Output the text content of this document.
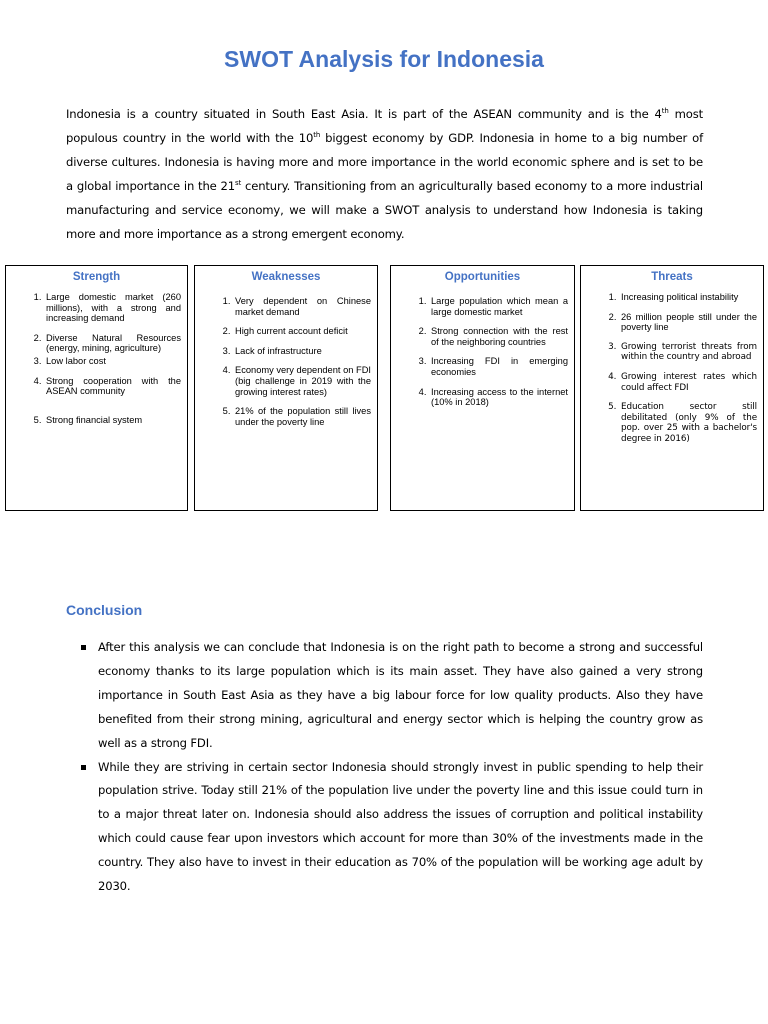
SWOT Analysis for Indonesia
Indonesia is a country situated in South East Asia. It is part of the ASEAN community and is the 4th most populous country in the world with the 10th biggest economy by GDP. Indonesia in home to a big number of diverse cultures. Indonesia is having more and more importance in the world economic sphere and is set to be a global importance in the 21st century. Transitioning from an agriculturally based economy to a more industrial manufacturing and service economy, we will make a SWOT analysis to understand how Indonesia is taking more and more importance as a strong emergent economy.
Strength
1. Large domestic market (260 millions), with a strong and increasing demand
2. Diverse Natural Resources (energy, mining, agriculture)
3. Low labor cost
4. Strong cooperation with the ASEAN community
5. Strong financial system
Weaknesses
1. Very dependent on Chinese market demand
2. High current account deficit
3. Lack of infrastructure
4. Economy very dependent on FDI (big challenge in 2019 with the growing interest rates)
5. 21% of the population still lives under the poverty line
Opportunities
1. Large population which mean a large domestic market
2. Strong connection with the rest of the neighboring countries
3. Increasing FDI in emerging economies
4. Increasing access to the internet (10% in 2018)
Threats
1. Increasing political instability
2. 26 million people still under the poverty line
3. Growing terrorist threats from within the country and abroad
4. Growing interest rates which could affect FDI
5. Education sector still debilitated (only 9% of the pop. over 25 with a bachelor's degree in 2016)
Conclusion
After this analysis we can conclude that Indonesia is on the right path to become a strong and successful economy thanks to its large population which is its main asset. They have also gained a very strong importance in South East Asia as they have a big labour force for low quality products. Also they have benefited from their strong mining, agricultural and energy sector which is helping the country grow as well as a strong FDI.
While they are striving in certain sector Indonesia should strongly invest in public spending to help their population strive. Today still 21% of the population live under the poverty line and this issue could turn in to a major threat later on. Indonesia should also address the issues of corruption and political instability which could cause fear upon investors which account for more than 30% of the investments made in the country. They also have to invest in their education as 70% of the population will be working age adult by 2030.
